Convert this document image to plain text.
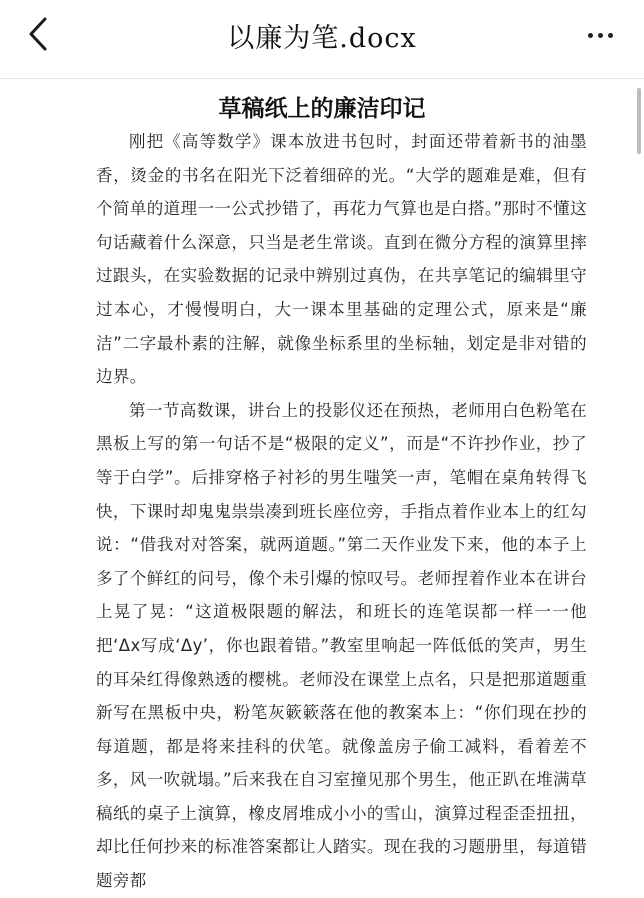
以廉为笔.docx
草稿纸上的廉洁印记

刚把《高等数学》课本放进书包时，封面还带着新书的油墨香，烫金的书名在阳光下泛着细碎的光。“大学的题难是难，但有个简单的道理一一公式抄错了，再花力气算也是白搭。”那时不懂这句话藏着什么深意，只当是老生常谈。直到在微分方程的演算里摔过跟头，在实验数据的记录中辨别过真伪，在共享笔记的编辑里守过本心，才慢慢明白，大一课本里基础的定理公式，原来是“廉洁”二字最朴素的注解，就像坐标系里的坐标轴，划定是非对错的边界。

第一节高数课，讲台上的投影仪还在预热，老师用白色粉笔在黑板上写的第一句话不是“极限的定义”，而是“不许抄作业，抄了等于白学”。后排穿格子衬衫的男生嗤笑一声，笔帽在桌角转得飞快，下课时却鬼鬼祟祟凑到班长座位旁，手指点着作业本上的红勾说：“借我对对答案，就两道题。”第二天作业发下来，他的本子上多了个鲜红的问号，像个未引爆的惊叹号。老师捏着作业本在讲台上晃了晃：“这道极限题的解法，和班长的连笔误都一样一一他把‘Δx写成‘Δy’，你也跟着错。”教室里响起一阵低低的笑声，男生的耳朵红得像熟透的樱桃。老师没在课堂上点名，只是把那道题重新写在黑板中央，粉笔灰簌簌落在他的教案本上：“你们现在抄的每道题，都是将来挂科的伏笔。就像盖房子偷工减料，看着差不多，风一吹就塌。”后来我在自习室撞见那个男生，他正趴在堆满草稿纸的桌子上演算，橡皮屑堆成小小的雪山，演算过程歪歪扭扭，却比任何抄来的标准答案都让人踏实。现在我的习题册里，每道错题旁都
